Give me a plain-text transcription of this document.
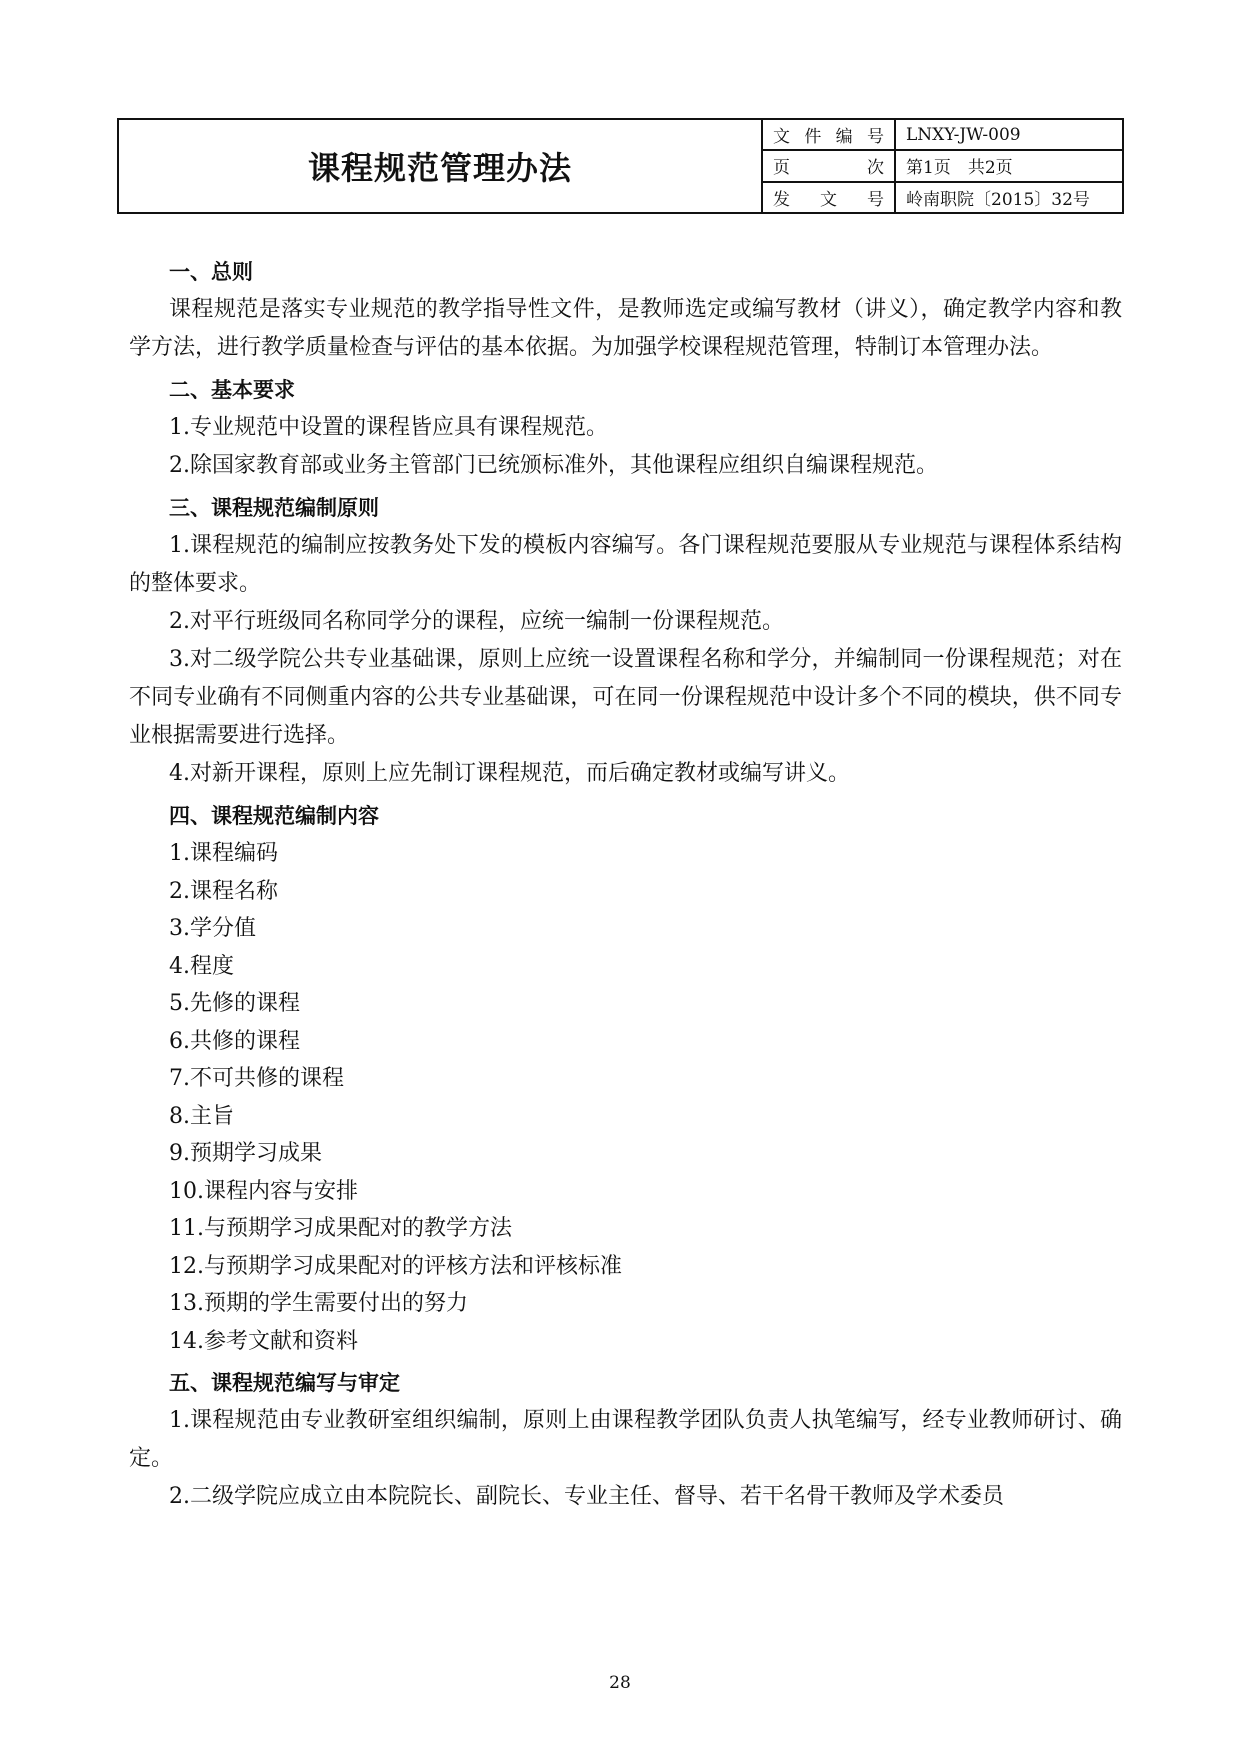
课程规范管理办法	文 件 编 号	LNXY-JW-009

	页 次	第1页　共2页

	发 文 号	岭南职院〔2015〕32号
一、总则

课程规范是落实专业规范的教学指导性文件，是教师选定或编写教材（讲义），确定教学内容和教学方法，进行教学质量检查与评估的基本依据。为加强学校课程规范管理，特制订本管理办法。

二、基本要求

1.专业规范中设置的课程皆应具有课程规范。

2.除国家教育部或业务主管部门已统颁标准外，其他课程应组织自编课程规范。

三、课程规范编制原则

1.课程规范的编制应按教务处下发的模板内容编写。各门课程规范要服从专业规范与课程体系结构的整体要求。

2.对平行班级同名称同学分的课程，应统一编制一份课程规范。

3.对二级学院公共专业基础课，原则上应统一设置课程名称和学分，并编制同一份课程规范；对在不同专业确有不同侧重内容的公共专业基础课，可在同一份课程规范中设计多个不同的模块，供不同专业根据需要进行选择。

4.对新开课程，原则上应先制订课程规范，而后确定教材或编写讲义。

四、课程规范编制内容

1.课程编码

2.课程名称

3.学分值

4.程度

5.先修的课程

6.共修的课程

7.不可共修的课程

8.主旨

9.预期学习成果

10.课程内容与安排

11.与预期学习成果配对的教学方法

12.与预期学习成果配对的评核方法和评核标准

13.预期的学生需要付出的努力

14.参考文献和资料

五、课程规范编写与审定

1.课程规范由专业教研室组织编制，原则上由课程教学团队负责人执笔编写，经专业教师研讨、确定。

2.二级学院应成立由本院院长、副院长、专业主任、督导、若干名骨干教师及学术委员

28
